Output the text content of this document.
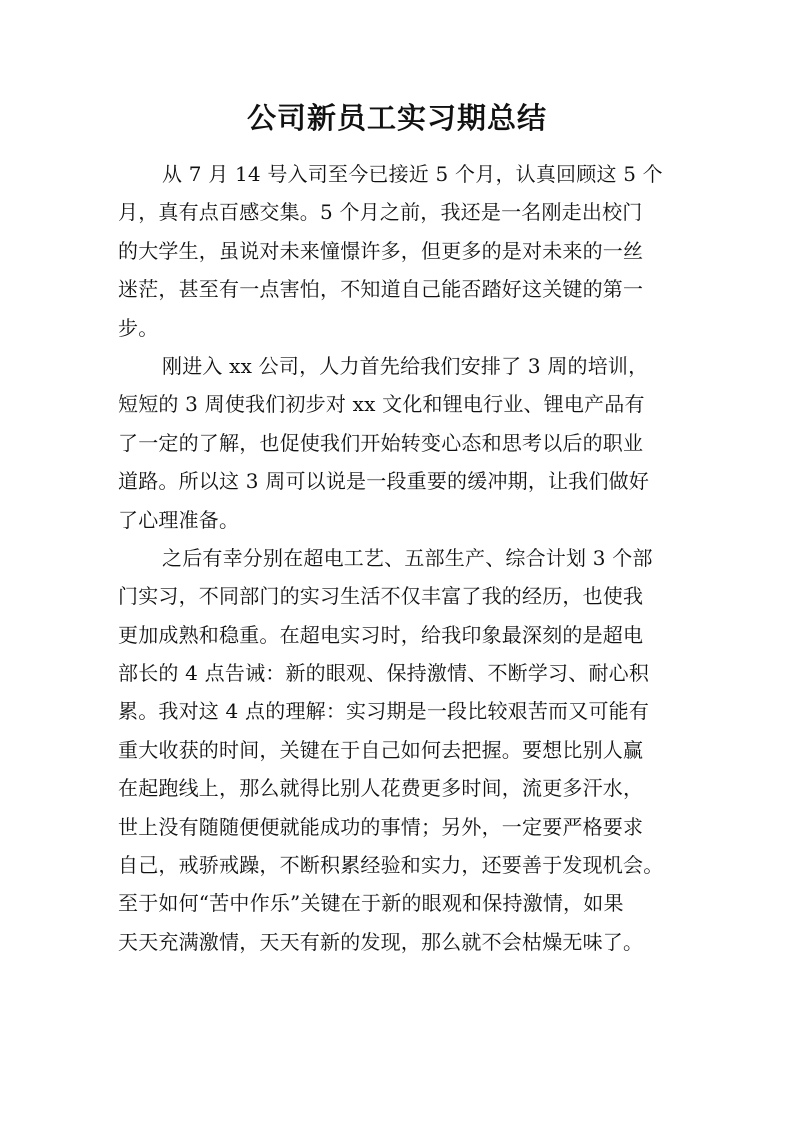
公司新员工实习期总结
从 7 月 14 号入司至今已接近 5 个月，认真回顾这 5 个
月，真有点百感交集。5 个月之前，我还是一名刚走出校门
的大学生，虽说对未来憧憬许多，但更多的是对未来的一丝
迷茫，甚至有一点害怕，不知道自己能否踏好这关键的第一
步。
刚进入 xx 公司，人力首先给我们安排了 3 周的培训，
短短的 3 周使我们初步对 xx 文化和锂电行业、锂电产品有
了一定的了解，也促使我们开始转变心态和思考以后的职业
道路。所以这 3 周可以说是一段重要的缓冲期，让我们做好
了心理准备。
之后有幸分别在超电工艺、五部生产、综合计划 3 个部
门实习，不同部门的实习生活不仅丰富了我的经历，也使我
更加成熟和稳重。在超电实习时，给我印象最深刻的是超电
部长的 4 点告诫：新的眼观、保持激情、不断学习、耐心积
累。我对这 4 点的理解：实习期是一段比较艰苦而又可能有
重大收获的时间，关键在于自己如何去把握。要想比别人赢
在起跑线上，那么就得比别人花费更多时间，流更多汗水，
世上没有随随便便就能成功的事情；另外，一定要严格要求
自己，戒骄戒躁，不断积累经验和实力，还要善于发现机会。
至于如何“苦中作乐”关键在于新的眼观和保持激情，如果
天天充满激情，天天有新的发现，那么就不会枯燥无味了。
